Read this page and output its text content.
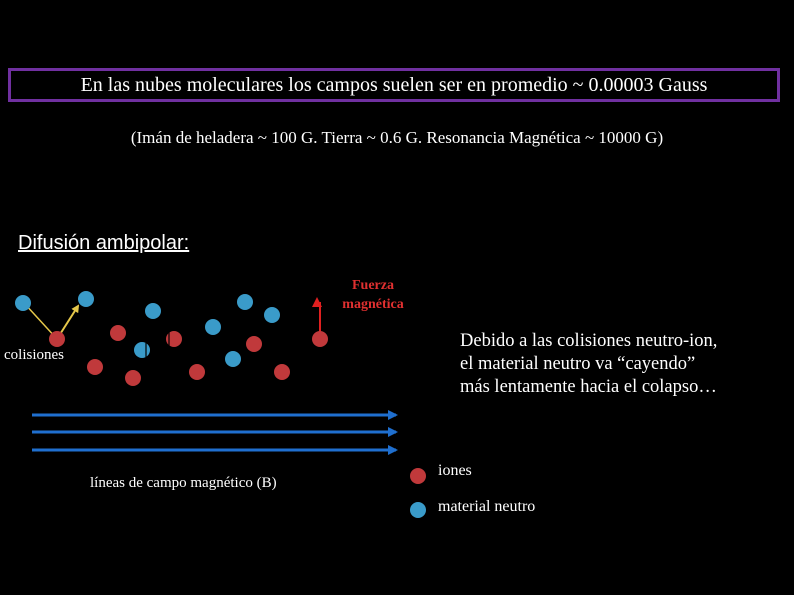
En las nubes moleculares los campos suelen ser en promedio ~ 0.00003 Gauss
(Imán de heladera ~ 100 G. Tierra ~ 0.6 G. Resonancia Magnética ~ 10000 G)
Difusión ambipolar:
Fuerza
magnética
colisiones
líneas de campo magnético (B)
Debido a las colisiones neutro-ion,
el material neutro va “cayendo”
más lentamente hacia el colapso…
iones
material neutro
